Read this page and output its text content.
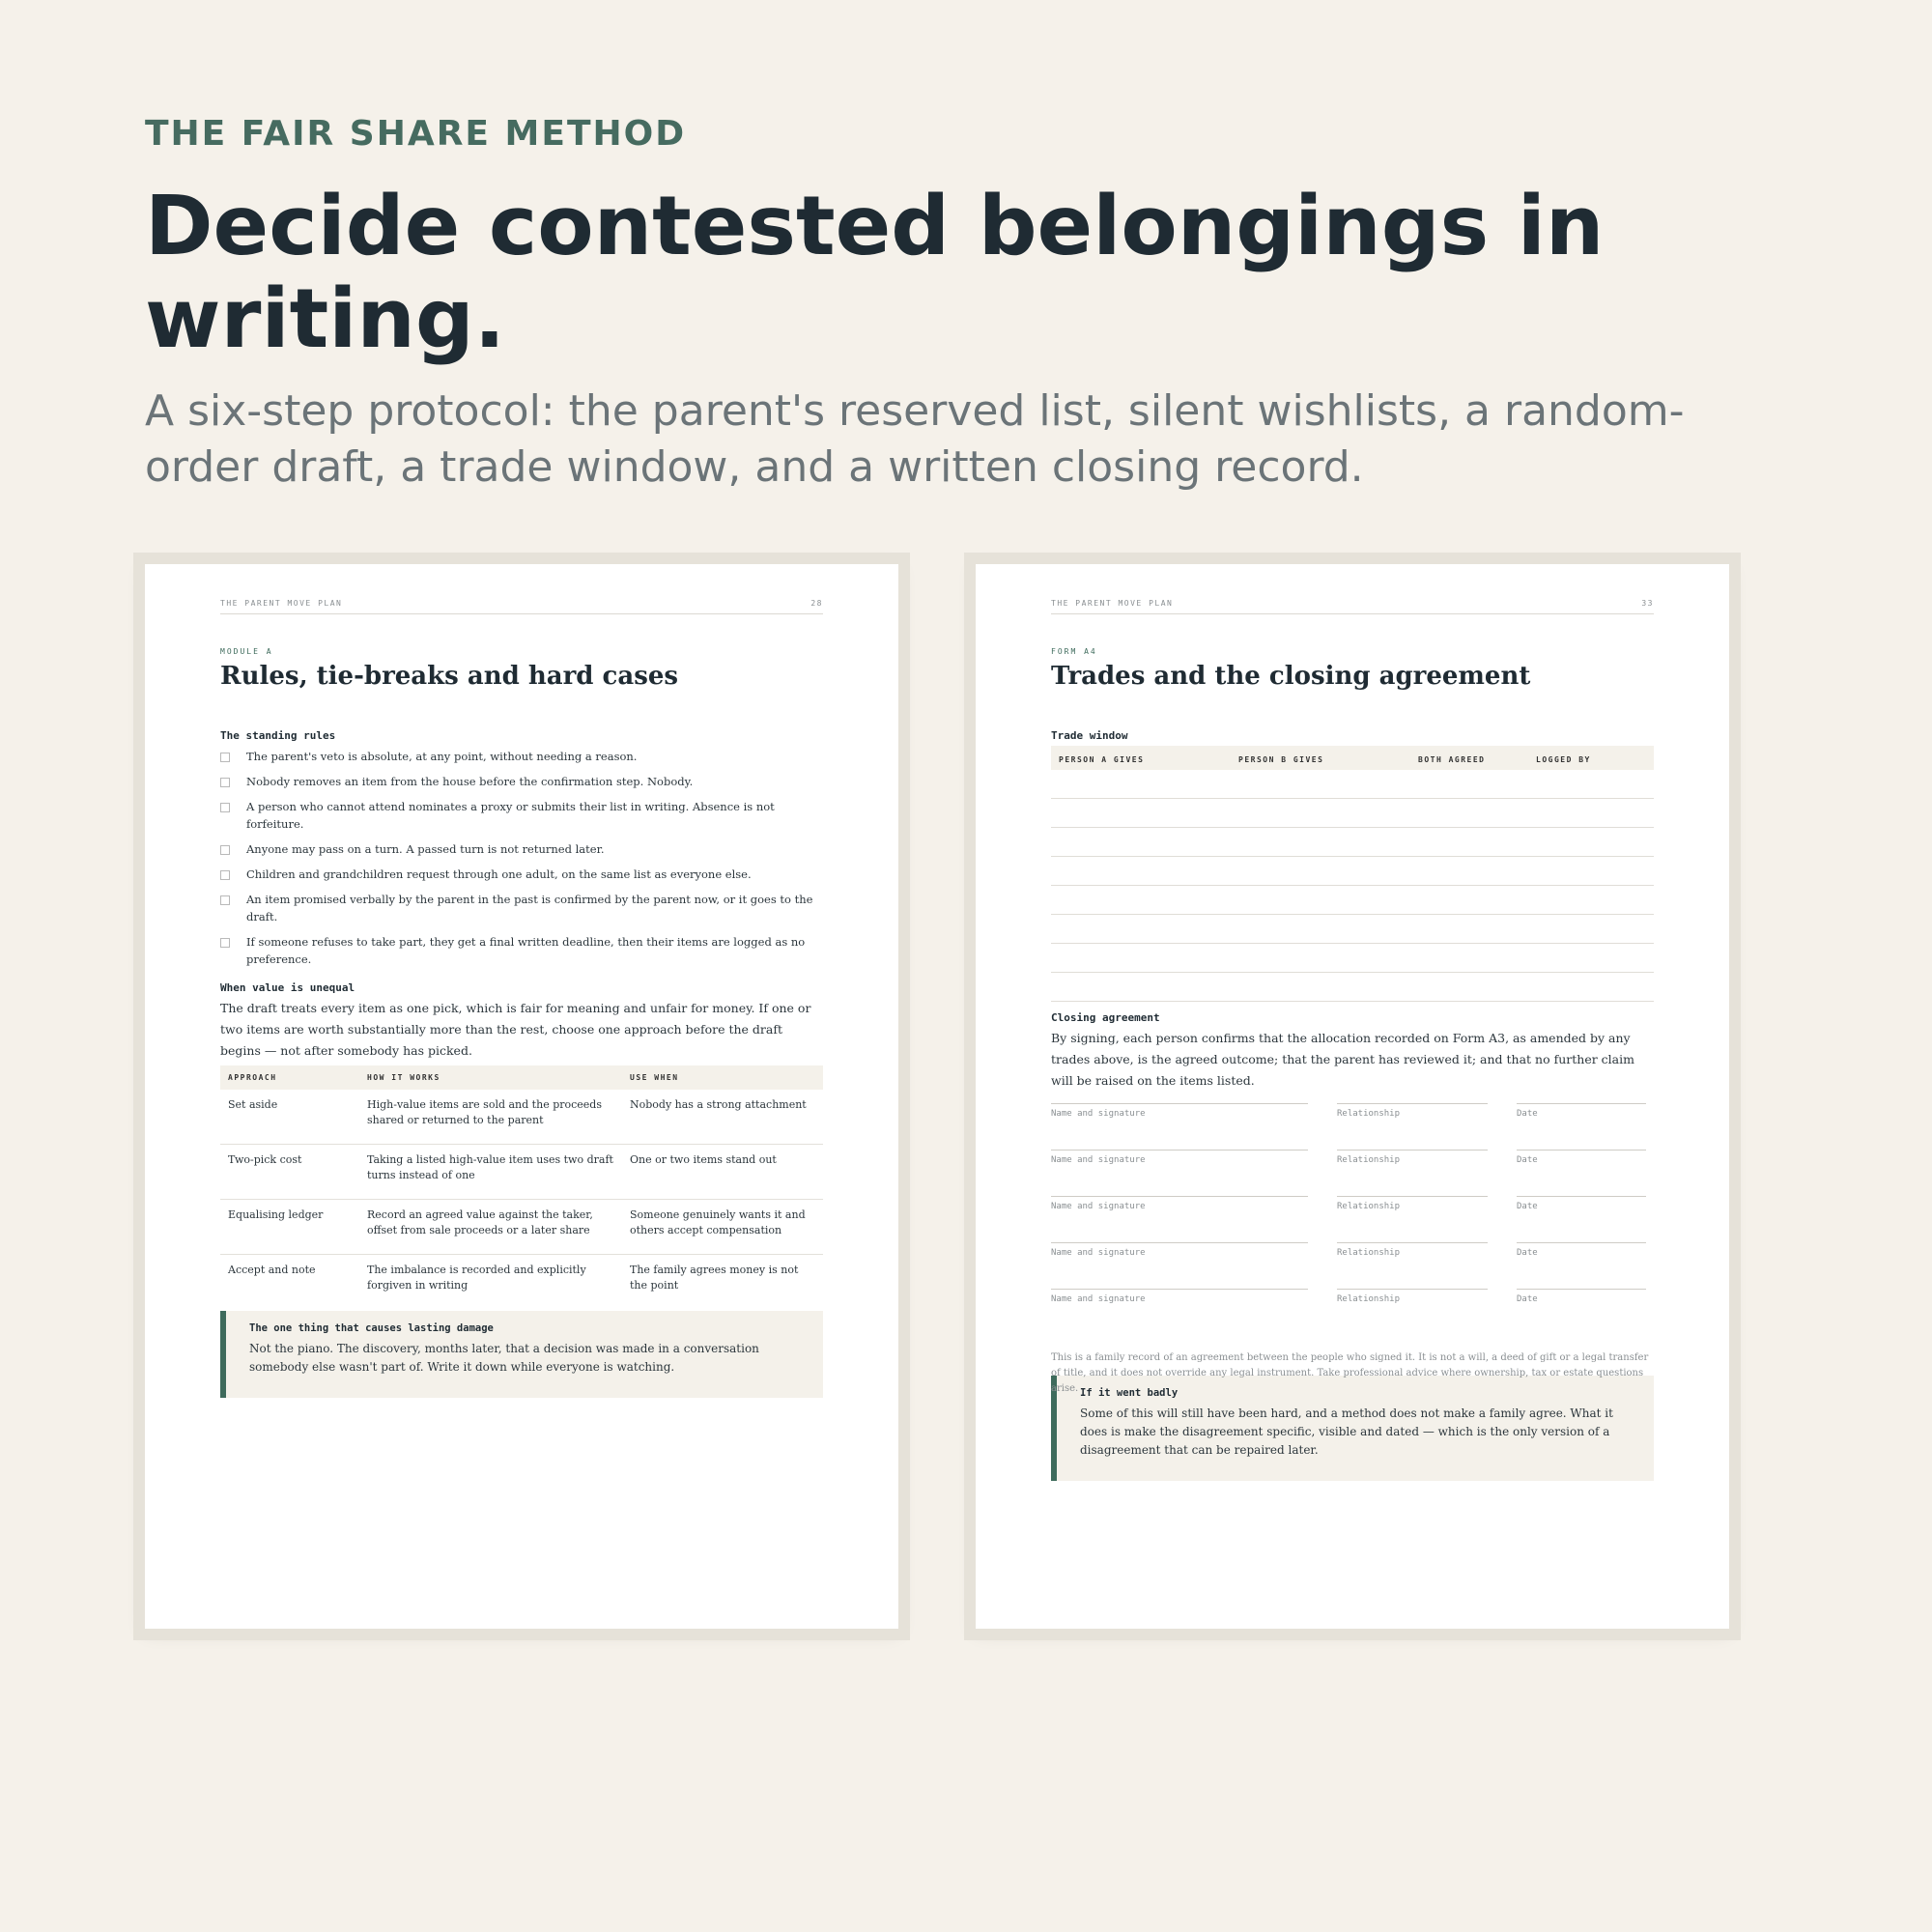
THE FAIR SHARE METHOD

Decide contested belongings in writing.

A six-step protocol: the parent's reserved list, silent wishlists, a random-order draft, a trade window, and a written closing record.

THE PARENT MOVE PLAN	28
MODULE A
Rules, tie-breaks and hard cases
The standing rules
The parent's veto is absolute, at any point, without needing a reason.
Nobody removes an item from the house before the confirmation step. Nobody.
A person who cannot attend nominates a proxy or submits their list in writing. Absence is not forfeiture.
Anyone may pass on a turn. A passed turn is not returned later.
Children and grandchildren request through one adult, on the same list as everyone else.
An item promised verbally by the parent in the past is confirmed by the parent now, or it goes to the draft.
If someone refuses to take part, they get a final written deadline, then their items are logged as no preference.
When value is unequal

The draft treats every item as one pick, which is fair for meaning and unfair for money. If one or two items are worth substantially more than the rest, choose one approach before the draft begins — not after somebody has picked.

APPROACH	HOW IT WORKS	USE WHEN
Set aside	High-value items are sold and the proceeds shared or returned to the parent	Nobody has a strong attachment
Two-pick cost	Taking a listed high-value item uses two draft turns instead of one	One or two items stand out
Equalising ledger	Record an agreed value against the taker, offset from sale proceeds or a later share	Someone genuinely wants it and others accept compensation
Accept and note	The imbalance is recorded and explicitly forgiven in writing	The family agrees money is not the point
The one thing that causes lasting damage
Not the piano. The discovery, months later, that a decision was made in a conversation somebody else wasn't part of. Write it down while everyone is watching.
THE PARENT MOVE PLAN	33
FORM A4
Trades and the closing agreement
Trade window
PERSON A GIVES	PERSON B GIVES	BOTH AGREED	LOGGED BY

Closing agreement

By signing, each person confirms that the allocation recorded on Form A3, as amended by any trades above, is the agreed outcome; that the parent has reviewed it; and that no further claim will be raised on the items listed.

Name and signature	Relationship	Date
Name and signature	Relationship	Date
Name and signature	Relationship	Date
Name and signature	Relationship	Date
Name and signature	Relationship	Date
This is a family record of an agreement between the people who signed it. It is not a will, a deed of gift or a legal transfer of title, and it does not override any legal instrument. Take professional advice where ownership, tax or estate questions arise. If it went badly
Some of this will still have been hard, and a method does not make a family agree. What it does is make the disagreement specific, visible and dated — which is the only version of a disagreement that can be repaired later.
